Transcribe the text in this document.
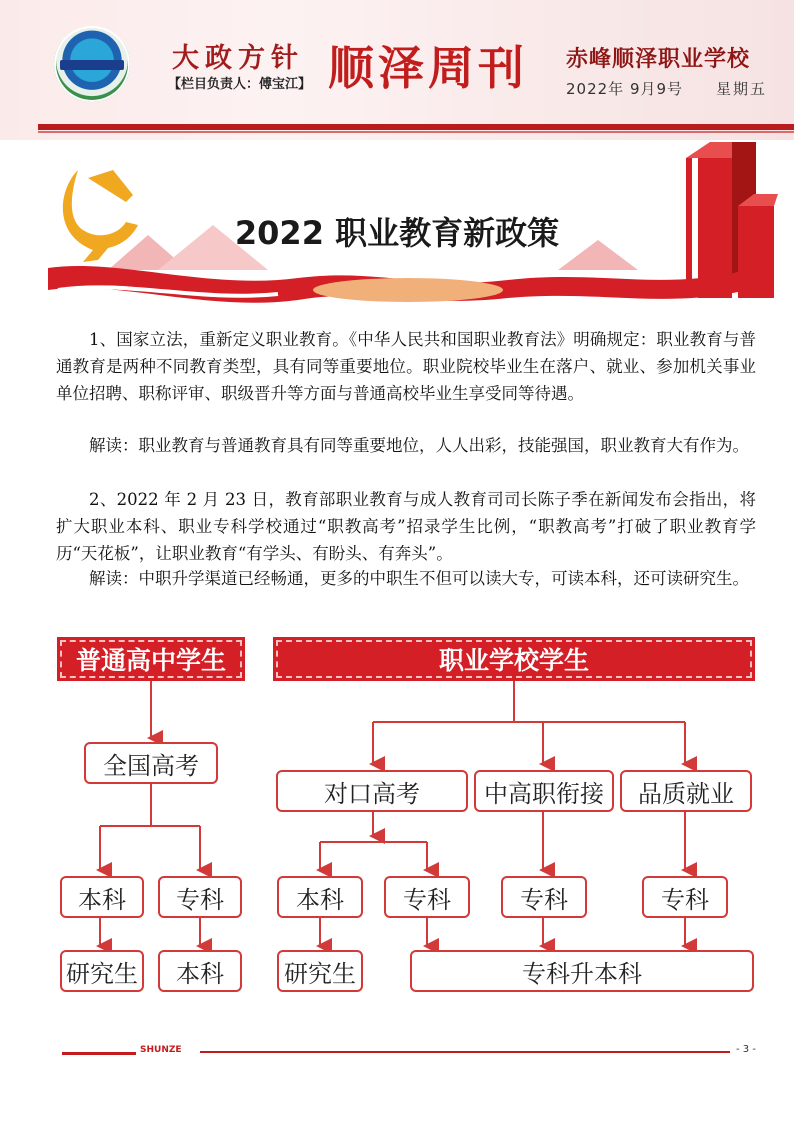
大政方针
【栏目负责人：傅宝江】 顺泽周刊 赤峰顺泽职业学校
2022年 9月9号 星期五
2022 职业教育新政策
1、国家立法，重新定义职业教育。《中华人民共和国职业教育法》明确规定：职业教育与普通教育是两种不同教育类型，具有同等重要地位。职业院校毕业生在落户、就业、参加机关事业单位招聘、职称评审、职级晋升等方面与普通高校毕业生享受同等待遇。
解读：职业教育与普通教育具有同等重要地位，人人出彩，技能强国，职业教育大有作为。
2、2022 年 2 月 23 日，教育部职业教育与成人教育司司长陈子季在新闻发布会指出，将扩大职业本科、职业专科学校通过“职教高考”招录学生比例，“职教高考”打破了职业教育学历“天花板”，让职业教育“有学头、有盼头、有奔头”。
解读：中职升学渠道已经畅通，更多的中职生不但可以读大专，可读本科，还可读研究生。
普通高中学生	职业学校学生
全国高考
本科	专科
研究生	本科
对口高考	中高职衔接	品质就业
本科	专科	专科	专科
研究生	专科升本科
SHUNZE	- 3 -
